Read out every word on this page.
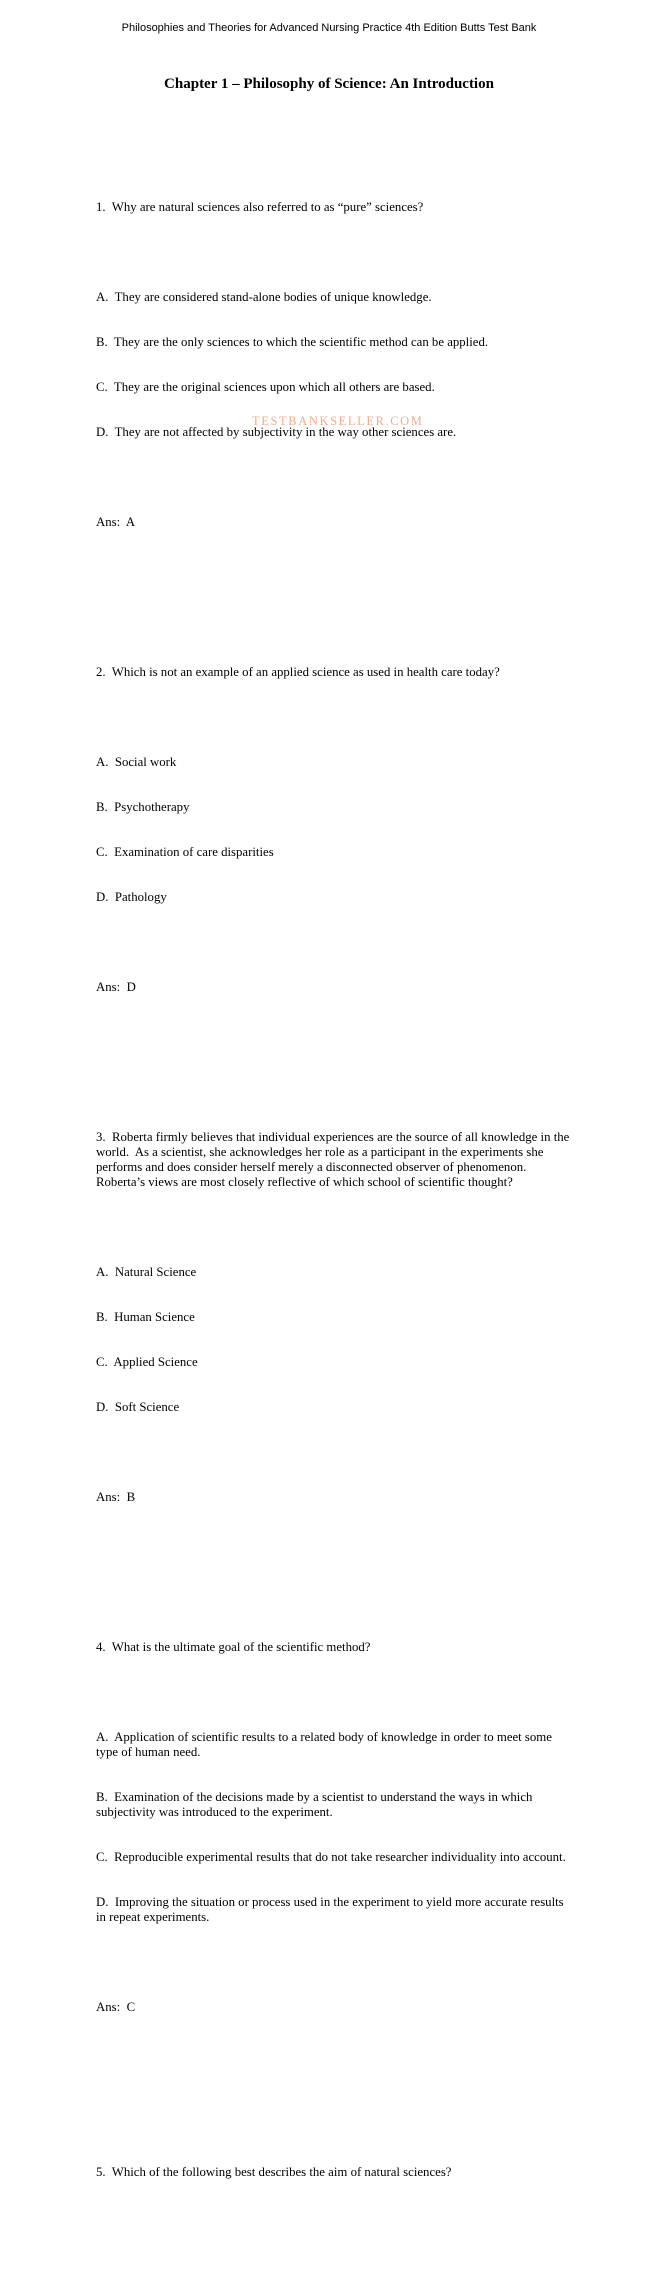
Philosophies and Theories for Advanced Nursing Practice 4th Edition Butts Test Bank
Chapter 1 – Philosophy of Science: An Introduction
TESTBANKSELLER.COM

1.  Why are natural sciences also referred to as “pure” sciences?

A.  They are considered stand-alone bodies of unique knowledge.

B.  They are the only sciences to which the scientific method can be applied.

C.  They are the original sciences upon which all others are based.

D.  They are not affected by subjectivity in the way other sciences are.

Ans:  A

2.  Which is not an example of an applied science as used in health care today?

A.  Social work

B.  Psychotherapy

C.  Examination of care disparities

D.  Pathology

Ans:  D

3.  Roberta firmly believes that individual experiences are the source of all knowledge in the
world.  As a scientist, she acknowledges her role as a participant in the experiments she
performs and does consider herself merely a disconnected observer of phenomenon.
Roberta’s views are most closely reflective of which school of scientific thought?

A.  Natural Science

B.  Human Science

C.  Applied Science

D.  Soft Science

Ans:  B

4.  What is the ultimate goal of the scientific method?

A.  Application of scientific results to a related body of knowledge in order to meet some
type of human need.

B.  Examination of the decisions made by a scientist to understand the ways in which
subjectivity was introduced to the experiment.

C.  Reproducible experimental results that do not take researcher individuality into account.

D.  Improving the situation or process used in the experiment to yield more accurate results
in repeat experiments.

Ans:  C

5.  Which of the following best describes the aim of natural sciences?
